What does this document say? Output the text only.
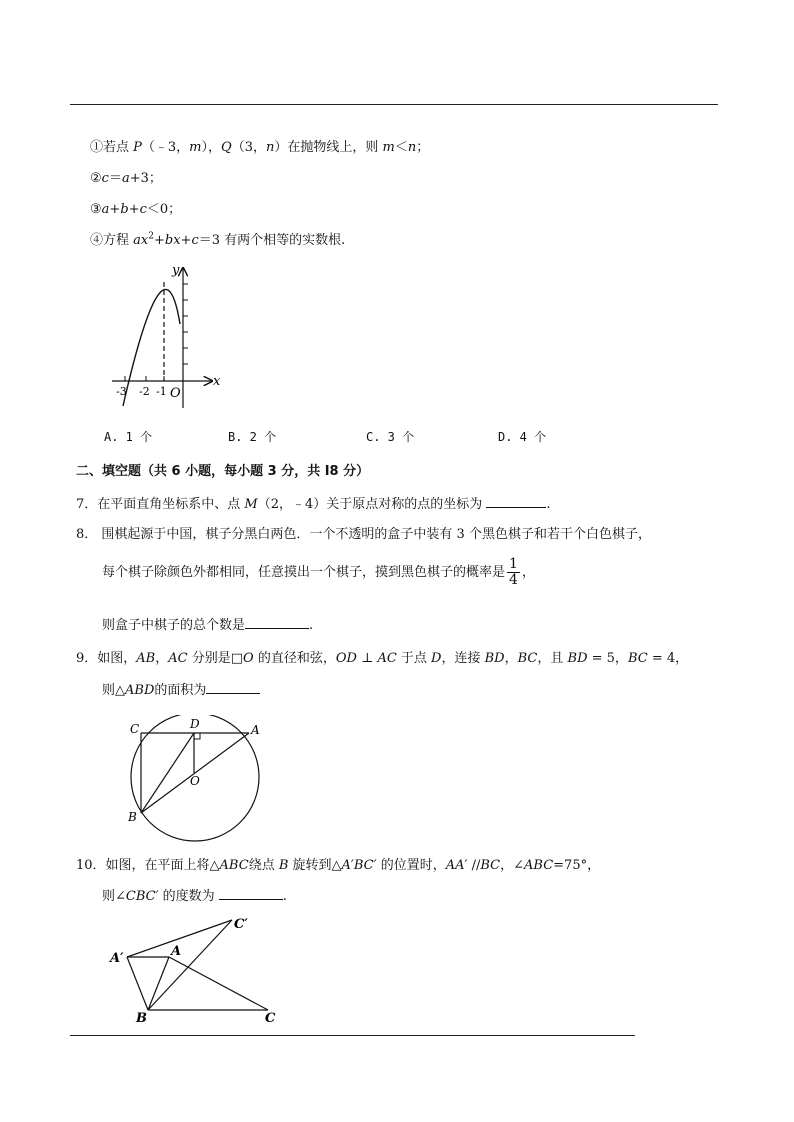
①若点 P（﹣3，m），Q（3，n）在抛物线上，则 m＜n；
②c＝a+3；
③a+b+c＜0；
④方程 $ax^2+bx+c=3$ 有两个相等的实数根.
y
x
-3 -2 -1 O
A. 1 个	B. 2 个	C. 3 个	D. 4 个
二、填空题（共 6 小题，每小题 3 分，共 I8 分）
7．在平面直角坐标系中、点 M（2，﹣4）关于原点对称的点的坐标为	.
8． 围棋起源于中国，棋子分黑白两色．一个不透明的盒子中装有 3 个黑色棋子和若干个白色棋子，
每个棋子除颜色外都相同，任意摸出一个棋子，摸到黑色棋子的概率是 $\frac{1}{4}$ ，
则盒子中棋子的总个数是	.
9．如图，AB，AC 分别是□O 的直径和弦，OD ⊥ AC 于点 D，连接 BD，BC，且 BD = 5，BC = 4，
则△ABD的面积为
C	D	A
O
B
10．如图，在平面上将△ABC绕点 B 旋转到△A′BC′ 的位置时，AA′ //BC，∠ABC=75°，
则∠CBC′ 的度数为	.
C′
A′	A
B	C
